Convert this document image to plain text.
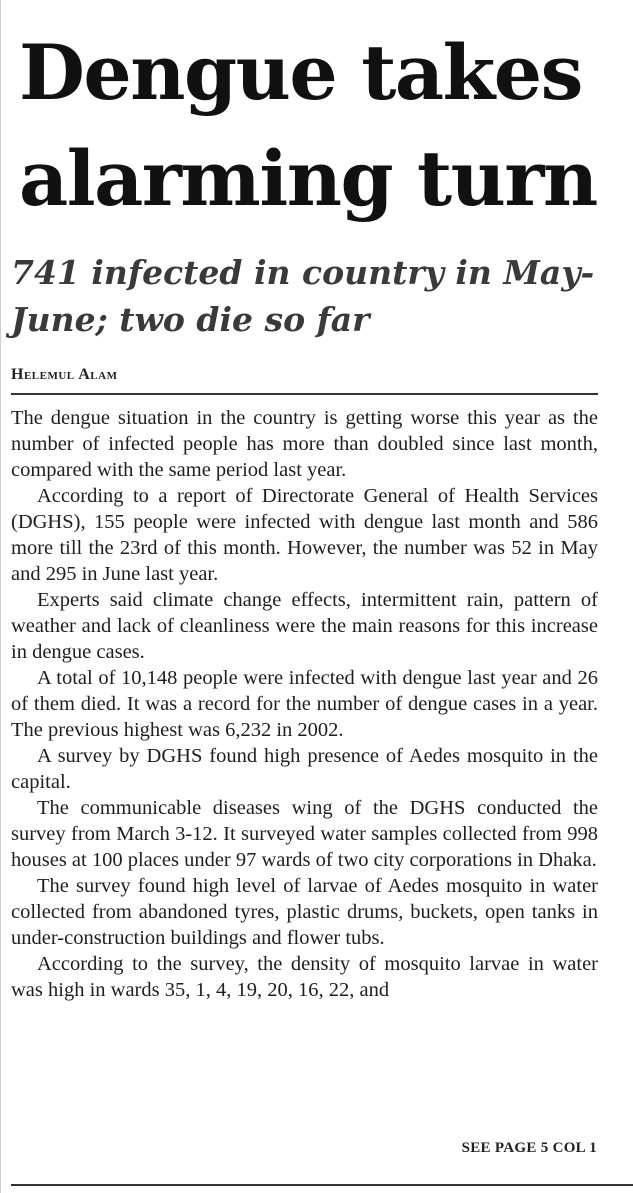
Dengue takes alarming turn
741 infected in country in May-June; two die so far
Helemul Alam

The dengue situation in the country is getting worse this year as the number of infected people has more than doubled since last month, compared with the same period last year.

According to a report of Directorate General of Health Services (DGHS), 155 people were infected with dengue last month and 586 more till the 23rd of this month. However, the number was 52 in May and 295 in June last year.

Experts said climate change effects, intermittent rain, pattern of weather and lack of cleanliness were the main reasons for this increase in dengue cases.

A total of 10,148 people were infected with dengue last year and 26 of them died. It was a record for the number of dengue cases in a year. The previous highest was 6,232 in 2002.

A survey by DGHS found high presence of Aedes mosquito in the capital.

The communicable diseases wing of the DGHS conducted the survey from March 3-12. It surveyed water samples collected from 998 houses at 100 places under 97 wards of two city corporations in Dhaka.

The survey found high level of larvae of Aedes mosquito in water collected from abandoned tyres, plastic drums, buckets, open tanks in under-construction buildings and flower tubs.

According to the survey, the density of mosquito larvae in water was high in wards 35, 1, 4, 19, 20, 16, 22, and

SEE PAGE 5 COL 1
